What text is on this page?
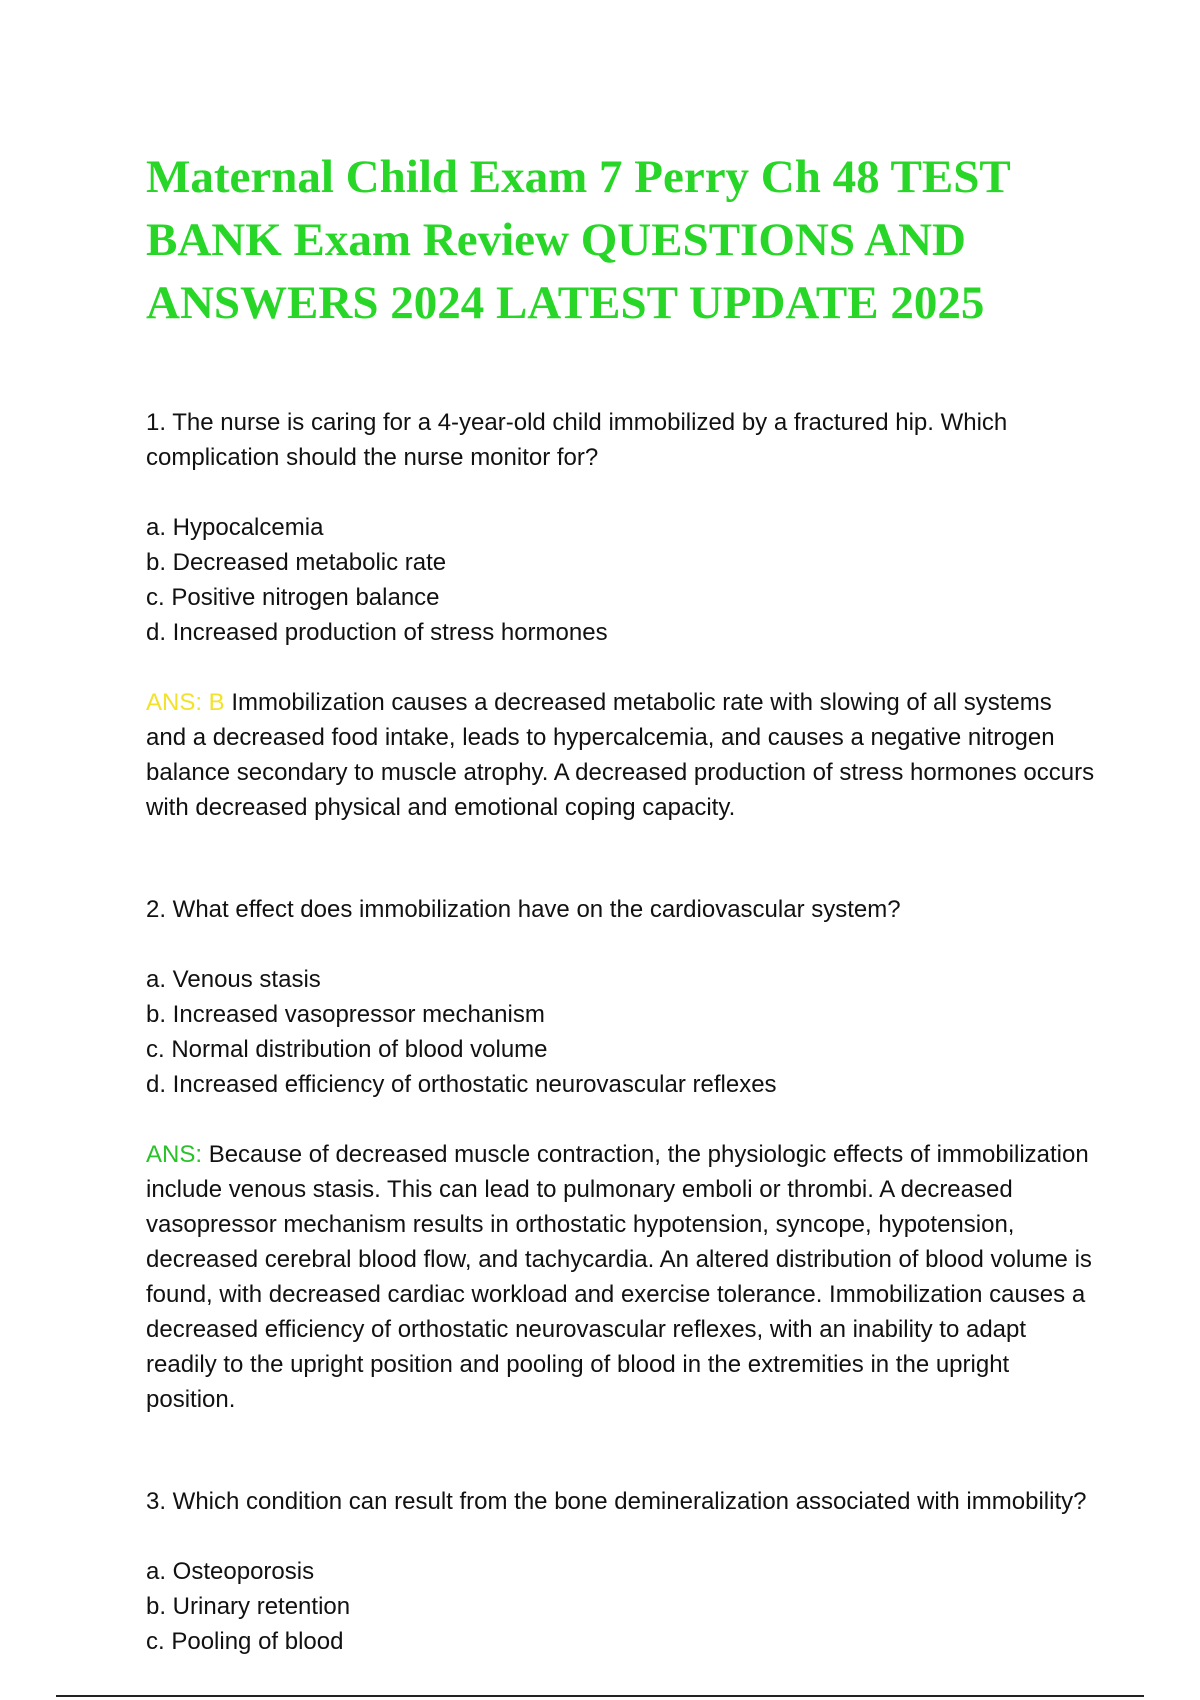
Maternal Child Exam 7 Perry Ch 48 TEST BANK Exam Review QUESTIONS AND ANSWERS 2024 LATEST UPDATE 2025

1. The nurse is caring for a 4-year-old child immobilized by a fractured hip. Which complication should the nurse monitor for?

a. Hypocalcemia
b. Decreased metabolic rate
c. Positive nitrogen balance
d. Increased production of stress hormones

ANS: B Immobilization causes a decreased metabolic rate with slowing of all systems and a decreased food intake, leads to hypercalcemia, and causes a negative nitrogen balance secondary to muscle atrophy. A decreased production of stress hormones occurs with decreased physical and emotional coping capacity.

2. What effect does immobilization have on the cardiovascular system?

a. Venous stasis
b. Increased vasopressor mechanism
c. Normal distribution of blood volume
d. Increased efficiency of orthostatic neurovascular reflexes

ANS: Because of decreased muscle contraction, the physiologic effects of immobilization include venous stasis. This can lead to pulmonary emboli or thrombi. A decreased vasopressor mechanism results in orthostatic hypotension, syncope, hypotension, decreased cerebral blood flow, and tachycardia. An altered distribution of blood volume is found, with decreased cardiac workload and exercise tolerance. Immobilization causes a decreased efficiency of orthostatic neurovascular reflexes, with an inability to adapt readily to the upright position and pooling of blood in the extremities in the upright position.

3. Which condition can result from the bone demineralization associated with immobility?

a. Osteoporosis
b. Urinary retention
c. Pooling of blood
